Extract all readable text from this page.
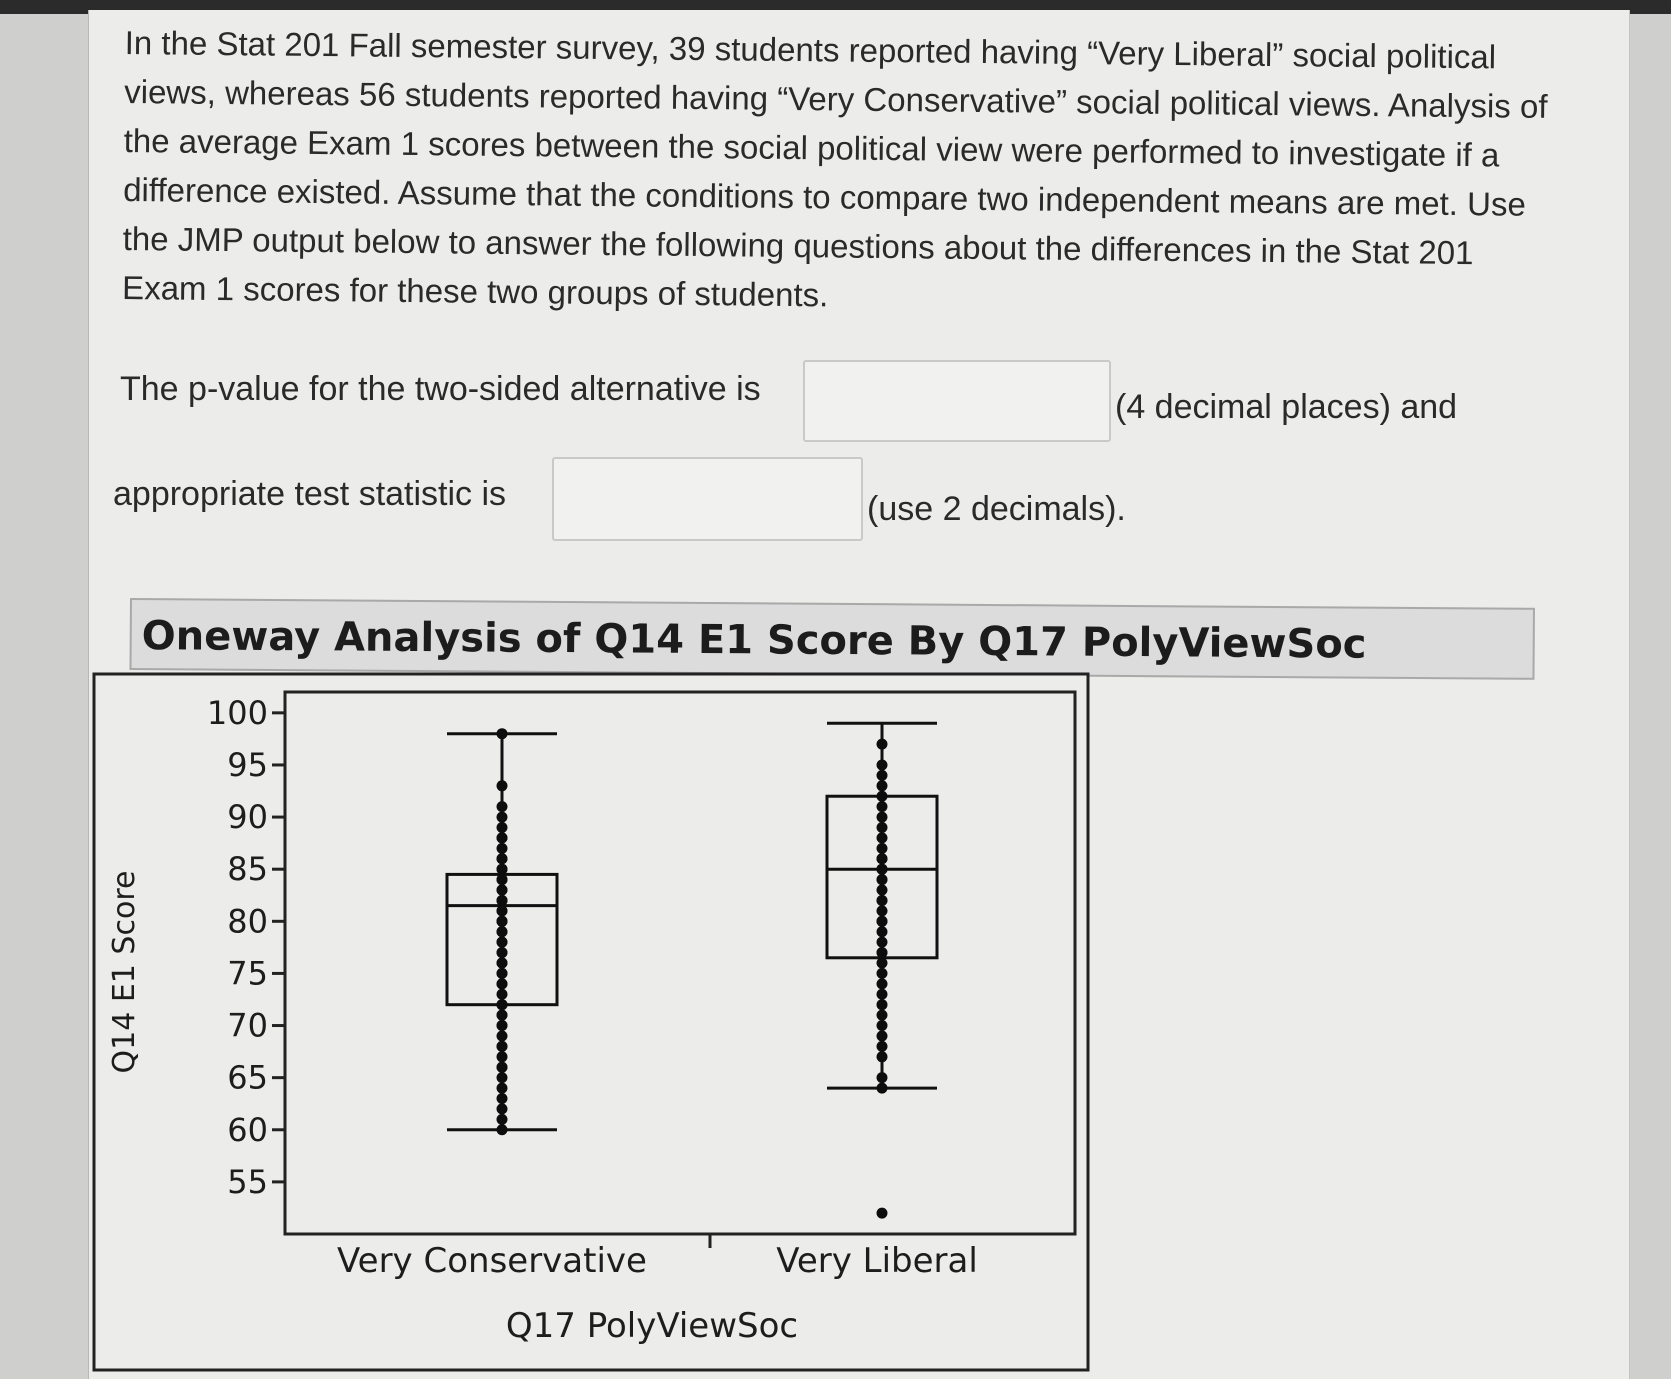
In the Stat 201 Fall semester survey, 39 students reported having “Very Liberal” social political views, whereas 56 students reported having “Very Conservative” social political views. Analysis of the average Exam 1 scores between the social political view were performed to investigate if a difference existed. Assume that the conditions to compare two independent means are met. Use the JMP output below to answer the following questions about the differences in the Stat 201 Exam 1 scores for these two groups of students.
The p-value for the two-sided alternative is	(4 decimal places) and
appropriate test statistic is	(use 2 decimals).
Oneway Analysis of Q14 E1 Score By Q17 PolyViewSoc
55
60
65
70
75
80
85
90
95
100
Q14 E1 Score
Very Conservative	Very Liberal
Q17 PolyViewSoc
